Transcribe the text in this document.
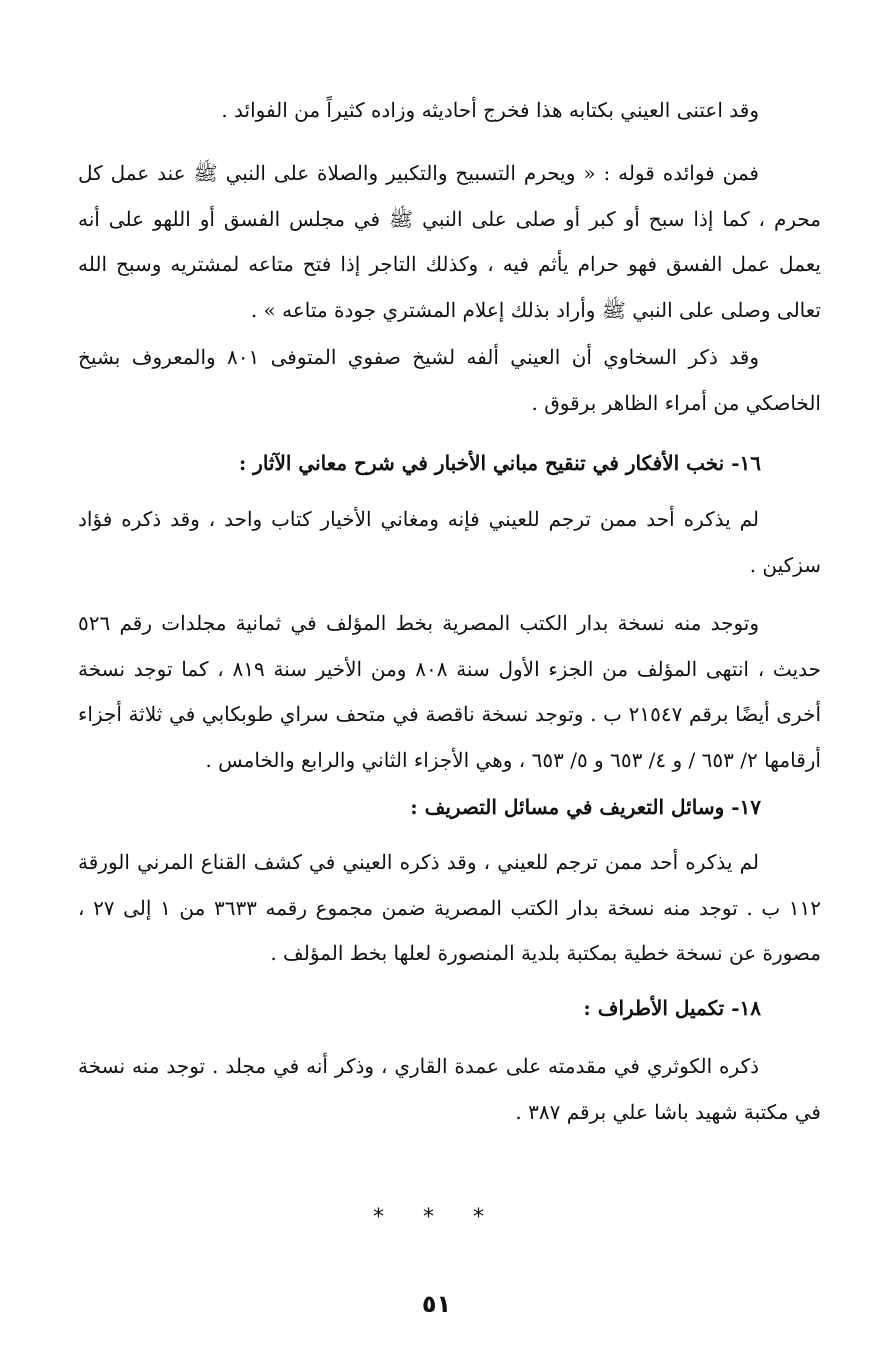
وقد اعتنى العيني بكتابه هذا فخرج أحاديثه وزاده كثيراً من الفوائد .

فمن فوائده قوله : « ويحرم التسبيح والتكبير والصلاة على النبي ﷺ عند عمل كل محرم ، كما إذا سبح أو كبر أو صلى على النبي ﷺ في مجلس الفسق أو اللهو على أنه يعمل عمل الفسق فهو حرام يأثم فيه ، وكذلك التاجر إذا فتح متاعه لمشتريه وسبح الله تعالى وصلى على النبي ﷺ وأراد بذلك إعلام المشتري جودة متاعه » .

وقد ذكر السخاوي أن العيني ألفه لشيخ صفوي المتوفى ٨٠١ والمعروف بشيخ الخاصكي من أمراء الظاهر برقوق .

١٦- نخب الأفكار في تنقيح مباني الأخبار في شرح معاني الآثار :

لم يذكره أحد ممن ترجم للعيني فإنه ومغاني الأخيار كتاب واحد ، وقد ذكره فؤاد سزكين .

وتوجد منه نسخة بدار الكتب المصرية بخط المؤلف في ثمانية مجلدات رقم ٥٢٦ حديث ، انتهى المؤلف من الجزء الأول سنة ٨٠٨ ومن الأخير سنة ٨١٩ ، كما توجد نسخة أخرى أيضًا برقم ٢١٥٤٧ ب . وتوجد نسخة ناقصة في متحف سراي طوبكابي في ثلاثة أجزاء أرقامها ٢/ ٦٥٣ / و ٤/ ٦٥٣ و ٥/ ٦٥٣ ، وهي الأجزاء الثاني والرابع والخامس .

١٧- وسائل التعريف في مسائل التصريف :

لم يذكره أحد ممن ترجم للعيني ، وقد ذكره العيني في كشف القناع المرني الورقة ١١٢ ب . توجد منه نسخة بدار الكتب المصرية ضمن مجموع رقمه ٣٦٣٣ من ١ إلى ٢٧ ، مصورة عن نسخة خطية بمكتبة بلدية المنصورة لعلها بخط المؤلف .

١٨- تكميل الأطراف :

ذكره الكوثري في مقدمته على عمدة القاري ، وذكر أنه في مجلد . توجد منه نسخة في مكتبة شهيد باشا علي برقم ٣٨٧ .

* * *
٥١
